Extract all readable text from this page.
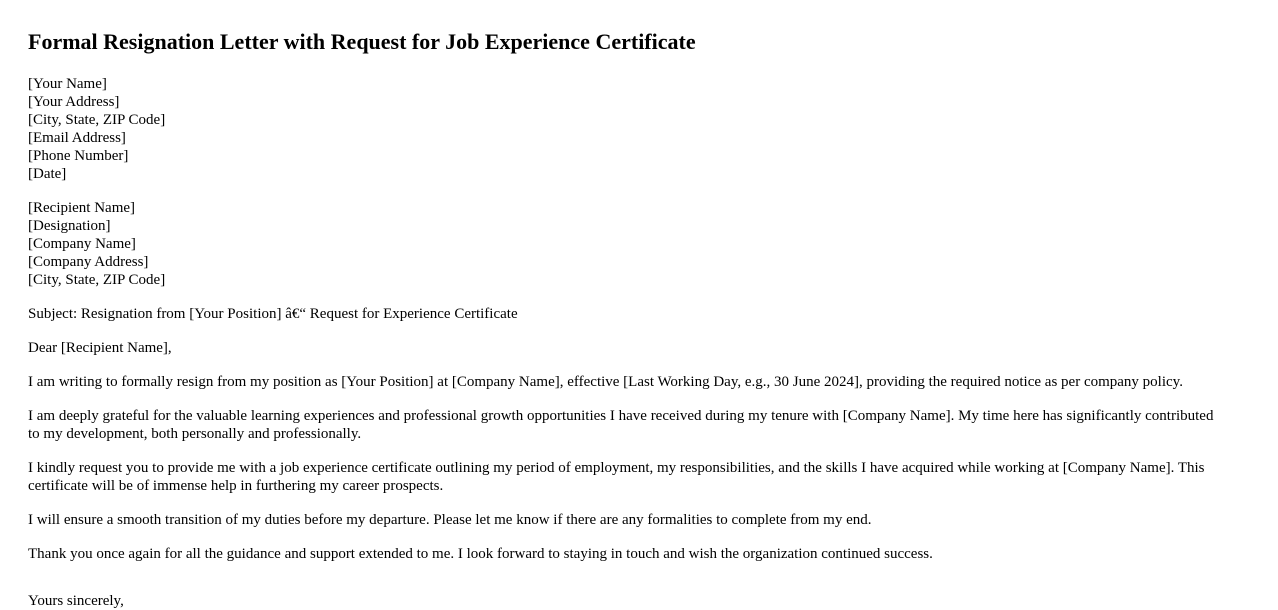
Formal Resignation Letter with Request for Job Experience Certificate
[Your Name]
[Your Address]
[City, State, ZIP Code]
[Email Address]
[Phone Number]
[Date]
[Recipient Name]
[Designation]
[Company Name]
[Company Address]
[City, State, ZIP Code]

Subject: Resignation from [Your Position] â€“ Request for Experience Certificate

Dear [Recipient Name],

I am writing to formally resign from my position as [Your Position] at [Company Name], effective [Last Working Day, e.g., 30 June 2024], providing the required notice as per company policy.

I am deeply grateful for the valuable learning experiences and professional growth opportunities I have received during my tenure with [Company Name]. My time here has significantly contributed to my development, both personally and professionally.

I kindly request you to provide me with a job experience certificate outlining my period of employment, my responsibilities, and the skills I have acquired while working at [Company Name]. This certificate will be of immense help in furthering my career prospects.

I will ensure a smooth transition of my duties before my departure. Please let me know if there are any formalities to complete from my end.

Thank you once again for all the guidance and support extended to me. I look forward to staying in touch and wish the organization continued success.

Yours sincerely,
